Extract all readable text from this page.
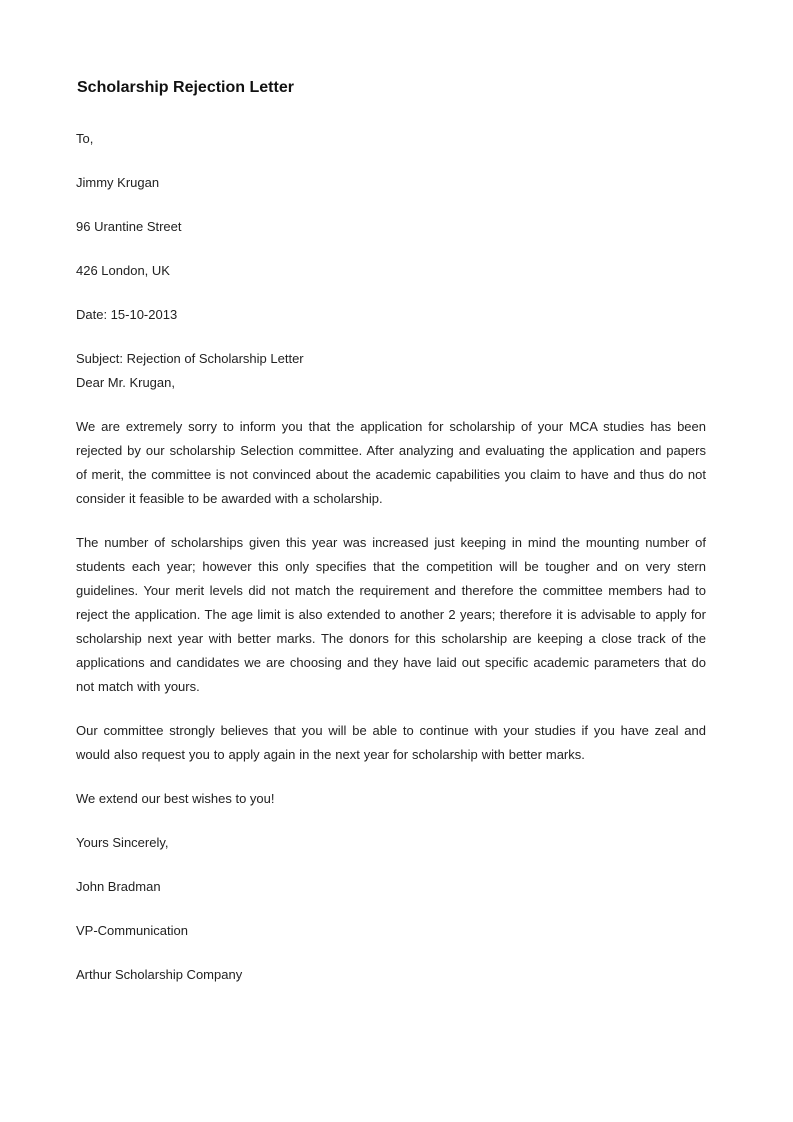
Scholarship Rejection Letter

To,

Jimmy Krugan

96 Urantine Street

426 London, UK

Date: 15-10-2013

Subject: Rejection of Scholarship Letter

Dear Mr. Krugan,

We are extremely sorry to inform you that the application for scholarship of your MCA studies has been rejected by our scholarship Selection committee. After analyzing and evaluating the application and papers of merit, the committee is not convinced about the academic capabilities you claim to have and thus do not consider it feasible to be awarded with a scholarship.

The number of scholarships given this year was increased just keeping in mind the mounting number of students each year; however this only specifies that the competition will be tougher and on very stern guidelines. Your merit levels did not match the requirement and therefore the committee members had to reject the application. The age limit is also extended to another 2 years; therefore it is advisable to apply for scholarship next year with better marks. The donors for this scholarship are keeping a close track of the applications and candidates we are choosing and they have laid out specific academic parameters that do not match with yours.

Our committee strongly believes that you will be able to continue with your studies if you have zeal and would also request you to apply again in the next year for scholarship with better marks.

We extend our best wishes to you!

Yours Sincerely,

John Bradman

VP-Communication

Arthur Scholarship Company
